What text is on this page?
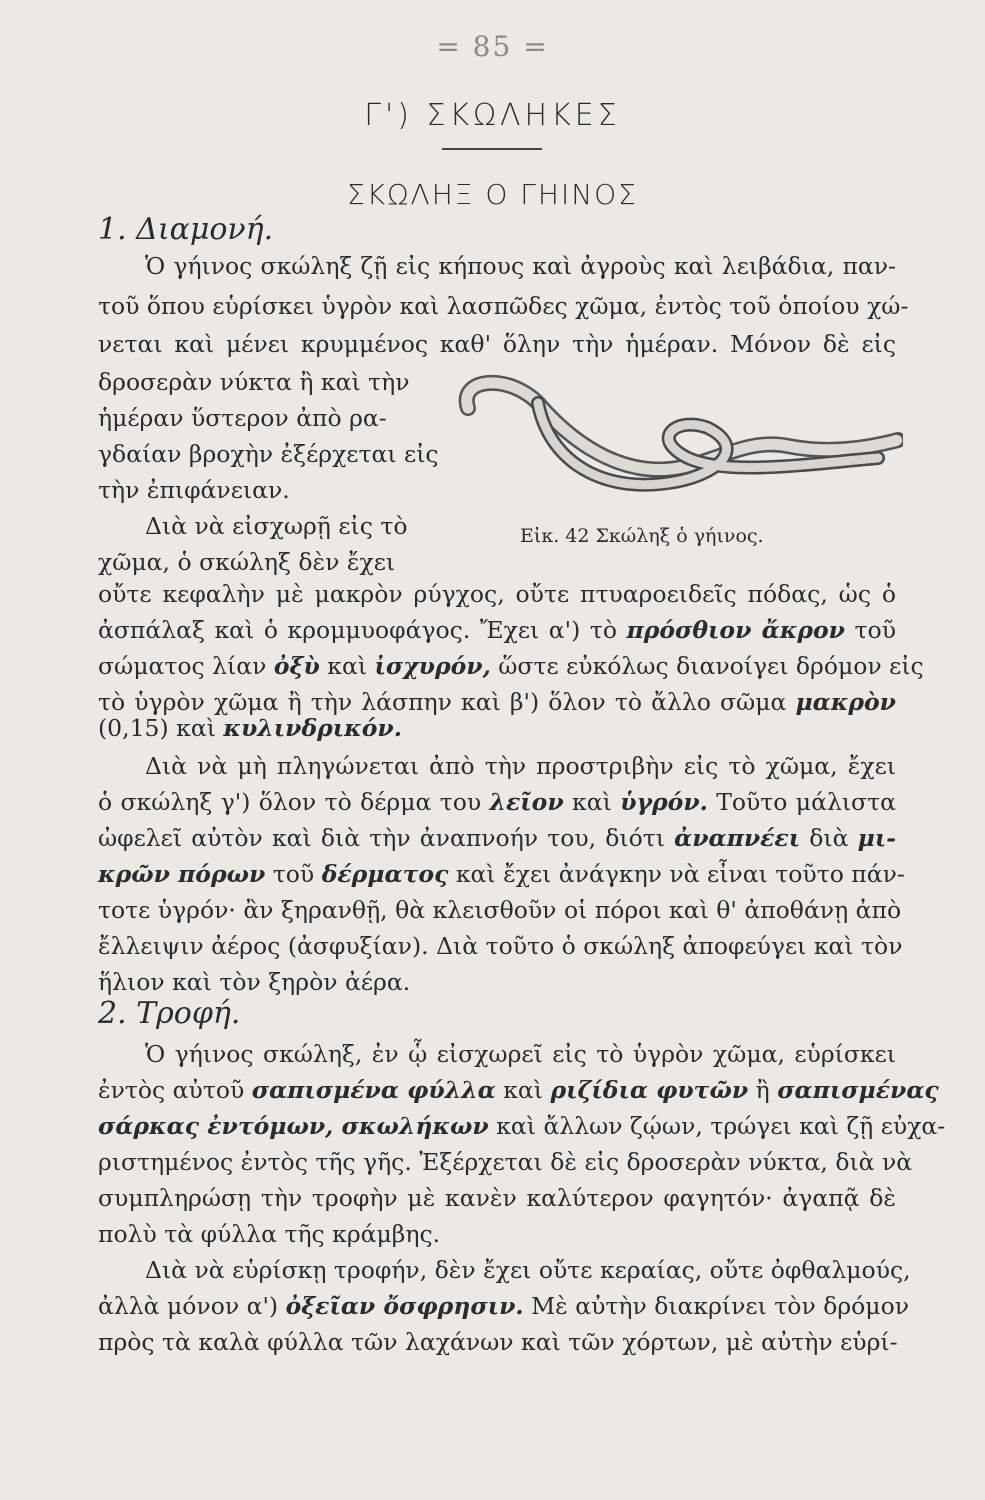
= 85 =
Γ') ΣΚΩΛΗΚΕΣ
ΣΚΩΛΗΞ Ο ΓΗΙΝΟΣ
1. Διαμονή.
Ὁ γήινος σκώληξ ζῇ εἰς κήπους καὶ ἀγροὺς καὶ λειβάδια, παν-
τοῦ ὅπου εὑρίσκει ὑγρὸν καὶ λασπῶδες χῶμα, ἐντὸς τοῦ ὁποίου χώ-
νεται καὶ μένει κρυμμένος καθ' ὅλην τὴν ἡμέραν. Μόνον δὲ εἰς
δροσερὰν νύκτα ἢ καὶ τὴν
ἡμέραν ὕστερον ἀπὸ ρα-
γδαίαν βροχὴν ἐξέρχεται εἰς
τὴν ἐπιφάνειαν.
Διὰ νὰ εἰσχωρῇ εἰς τὸ
χῶμα, ὁ σκώληξ δὲν ἔχει
Εἰκ. 42 Σκώληξ ὁ γήινος.
οὔτε κεφαλὴν μὲ μακρὸν ρύγχος, οὔτε πτυαροειδεῖς πόδας, ὡς ὁ
ἀσπάλαξ καὶ ὁ κρομμυοφάγος. Ἔχει α') τὸ πρόσθιον ἄκρον τοῦ
σώματος λίαν ὀξὺ καὶ ἰσχυρόν, ὥστε εὐκόλως διανοίγει δρόμον εἰς
τὸ ὑγρὸν χῶμα ἢ τὴν λάσπην καὶ β') ὅλον τὸ ἄλλο σῶμα μακρὸν
(0,15) καὶ κυλινδρικόν.
Διὰ νὰ μὴ πληγώνεται ἀπὸ τὴν προστριβὴν εἰς τὸ χῶμα, ἔχει
ὁ σκώληξ γ') ὅλον τὸ δέρμα του λεῖον καὶ ὑγρόν. Τοῦτο μάλιστα
ὠφελεῖ αὐτὸν καὶ διὰ τὴν ἀναπνοήν του, διότι ἀναπνέει διὰ μι-
κρῶν πόρων τοῦ δέρματος καὶ ἔχει ἀνάγκην νὰ εἶναι τοῦτο πάν-
τοτε ὑγρόν· ἂν ξηρανθῇ, θὰ κλεισθοῦν οἱ πόροι καὶ θ' ἀποθάνῃ ἀπὸ
ἔλλειψιν ἀέρος (ἀσφυξίαν). Διὰ τοῦτο ὁ σκώληξ ἀποφεύγει καὶ τὸν
ἥλιον καὶ τὸν ξηρὸν ἀέρα.
2. Τροφή.
Ὁ γήινος σκώληξ, ἐν ᾧ εἰσχωρεῖ εἰς τὸ ὑγρὸν χῶμα, εὑρίσκει
ἐντὸς αὐτοῦ σαπισμένα φύλλα καὶ ριζίδια φυτῶν ἢ σαπισμένας
σάρκας ἐντόμων, σκωλήκων καὶ ἄλλων ζῴων, τρώγει καὶ ζῇ εὐχα-
ριστημένος ἐντὸς τῆς γῆς. Ἐξέρχεται δὲ εἰς δροσερὰν νύκτα, διὰ νὰ
συμπληρώσῃ τὴν τροφὴν μὲ κανὲν καλύτερον φαγητόν· ἀγαπᾷ δὲ
πολὺ τὰ φύλλα τῆς κράμβης.
Διὰ νὰ εὑρίσκῃ τροφήν, δὲν ἔχει οὔτε κεραίας, οὔτε ὀφθαλμούς,
ἀλλὰ μόνον α') ὀξεῖαν ὄσφρησιν. Μὲ αὐτὴν διακρίνει τὸν δρόμον
πρὸς τὰ καλὰ φύλλα τῶν λαχάνων καὶ τῶν χόρτων, μὲ αὐτὴν εὑρί-
